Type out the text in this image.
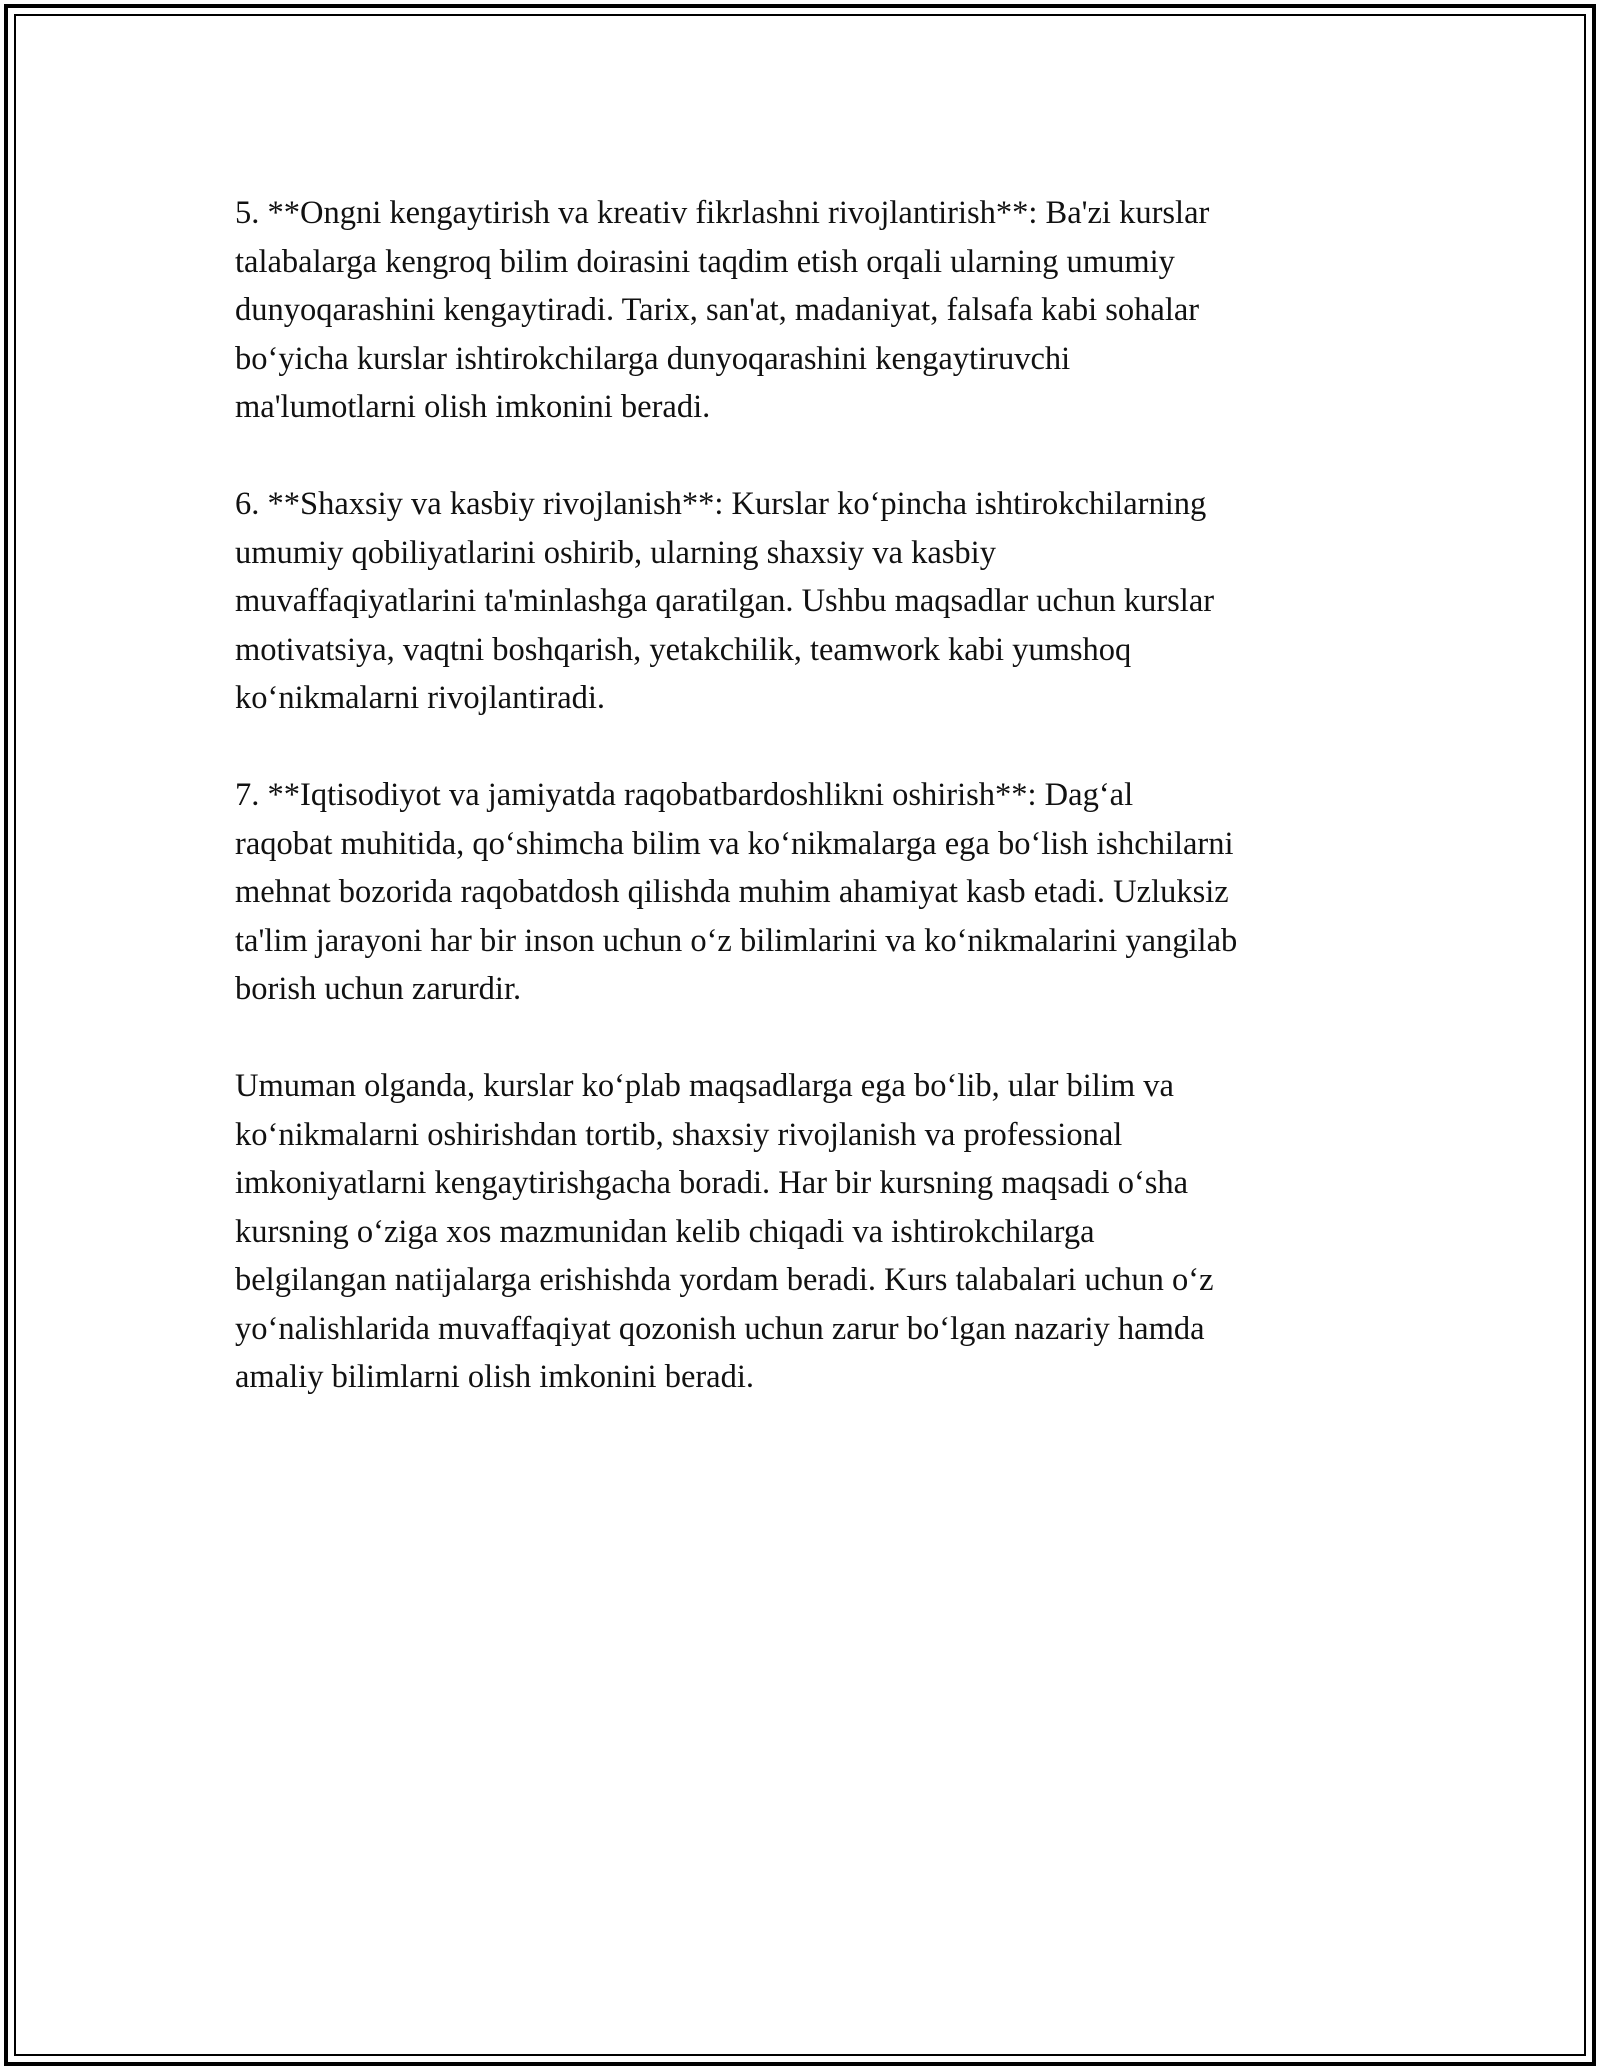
5. **Ongni kengaytirish va kreativ fikrlashni rivojlantirish**: Ba'zi kurslar
talabalarga kengroq bilim doirasini taqdim etish orqali ularning umumiy
dunyoqarashini kengaytiradi. Tarix, san'at, madaniyat, falsafa kabi sohalar
bo‘yicha kurslar ishtirokchilarga dunyoqarashini kengaytiruvchi
ma'lumotlarni olish imkonini beradi.

6. **Shaxsiy va kasbiy rivojlanish**: Kurslar ko‘pincha ishtirokchilarning
umumiy qobiliyatlarini oshirib, ularning shaxsiy va kasbiy
muvaffaqiyatlarini ta'minlashga qaratilgan. Ushbu maqsadlar uchun kurslar
motivatsiya, vaqtni boshqarish, yetakchilik, teamwork kabi yumshoq
ko‘nikmalarni rivojlantiradi.

7. **Iqtisodiyot va jamiyatda raqobatbardoshlikni oshirish**: Dag‘al
raqobat muhitida, qo‘shimcha bilim va ko‘nikmalarga ega bo‘lish ishchilarni
mehnat bozorida raqobatdosh qilishda muhim ahamiyat kasb etadi. Uzluksiz
ta'lim jarayoni har bir inson uchun o‘z bilimlarini va ko‘nikmalarini yangilab
borish uchun zarurdir.

Umuman olganda, kurslar ko‘plab maqsadlarga ega bo‘lib, ular bilim va
ko‘nikmalarni oshirishdan tortib, shaxsiy rivojlanish va professional
imkoniyatlarni kengaytirishgacha boradi. Har bir kursning maqsadi o‘sha
kursning o‘ziga xos mazmunidan kelib chiqadi va ishtirokchilarga
belgilangan natijalarga erishishda yordam beradi. Kurs talabalari uchun o‘z
yo‘nalishlarida muvaffaqiyat qozonish uchun zarur bo‘lgan nazariy hamda
amaliy bilimlarni olish imkonini beradi.
